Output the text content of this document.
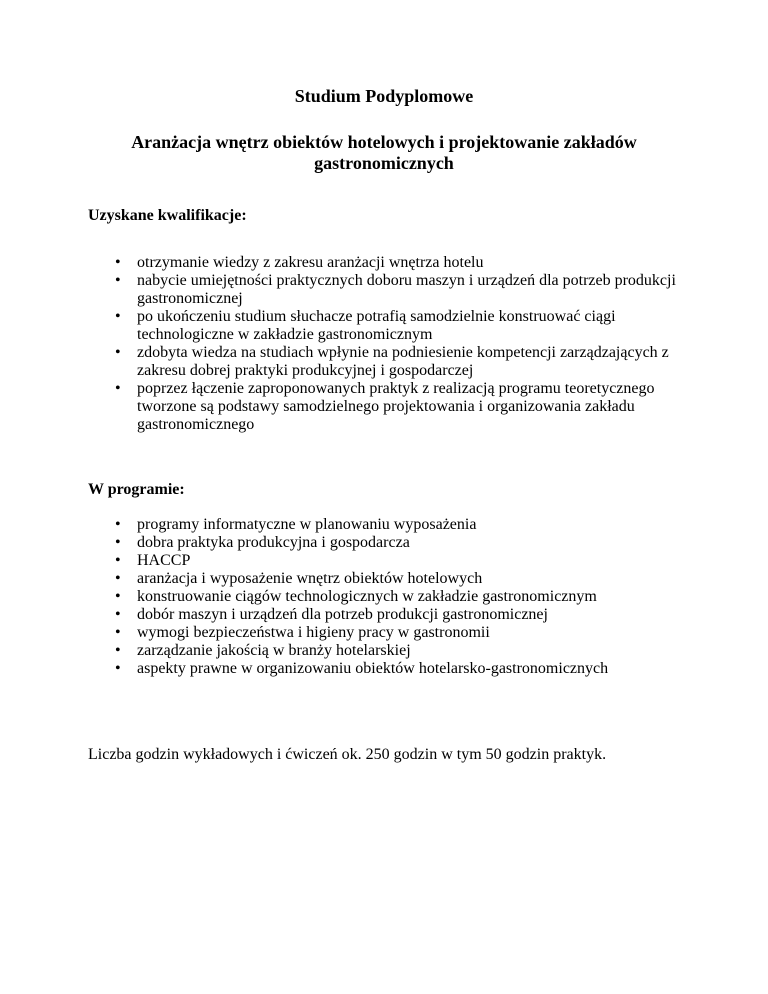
Studium Podyplomowe
Aranżacja wnętrz obiektów hotelowych i projektowanie zakładów gastronomicznych
Uzyskane kwalifikacje:
• otrzymanie wiedzy z zakresu aranżacji wnętrza hotelu
• nabycie umiejętności praktycznych doboru maszyn i urządzeń dla potrzeb produkcji gastronomicznej
• po ukończeniu studium słuchacze potrafią samodzielnie konstruować ciągi technologiczne w zakładzie gastronomicznym
• zdobyta wiedza na studiach wpłynie na podniesienie kompetencji zarządzających z zakresu dobrej praktyki produkcyjnej i gospodarczej
• poprzez łączenie zaproponowanych praktyk z realizacją programu teoretycznego tworzone są podstawy samodzielnego projektowania i organizowania zakładu gastronomicznego
W programie:
• programy informatyczne w planowaniu wyposażenia
• dobra praktyka produkcyjna i gospodarcza
• HACCP
• aranżacja i wyposażenie wnętrz obiektów hotelowych
• konstruowanie ciągów technologicznych w zakładzie gastronomicznym
• dobór maszyn i urządzeń dla potrzeb produkcji gastronomicznej
• wymogi bezpieczeństwa i higieny pracy w gastronomii
• zarządzanie jakością w branży hotelarskiej
• aspekty prawne w organizowaniu obiektów hotelarsko-gastronomicznych
Liczba godzin wykładowych i ćwiczeń ok. 250 godzin w tym 50 godzin praktyk.
